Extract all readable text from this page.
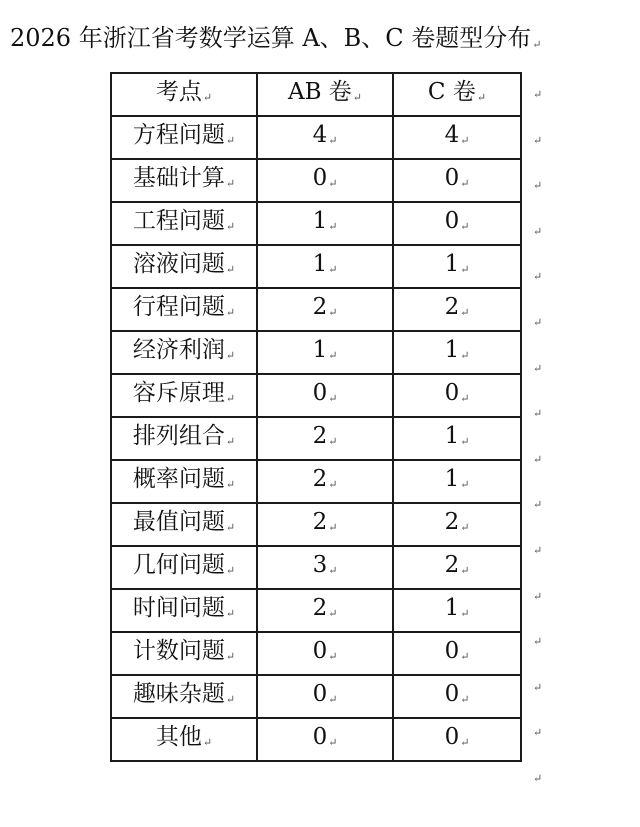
2026 年浙江省考数学运算 A、B、C 卷题型分布↵
考点↵	AB 卷↵	C 卷↵
方程问题↵	4↵	4↵
基础计算↵	0↵	0↵
工程问题↵	1↵	0↵
溶液问题↵	1↵	1↵
行程问题↵	2↵	2↵
经济利润↵	1↵	1↵
容斥原理↵	0↵	0↵
排列组合↵	2↵	1↵
概率问题↵	2↵	1↵
最值问题↵	2↵	2↵
几何问题↵	3↵	2↵
时间问题↵	2↵	1↵
计数问题↵	0↵	0↵
趣味杂题↵	0↵	0↵
其他↵	0↵	0↵
↵
↵
↵
↵
↵
↵
↵
↵
↵
↵
↵
↵
↵
↵
↵
↵
